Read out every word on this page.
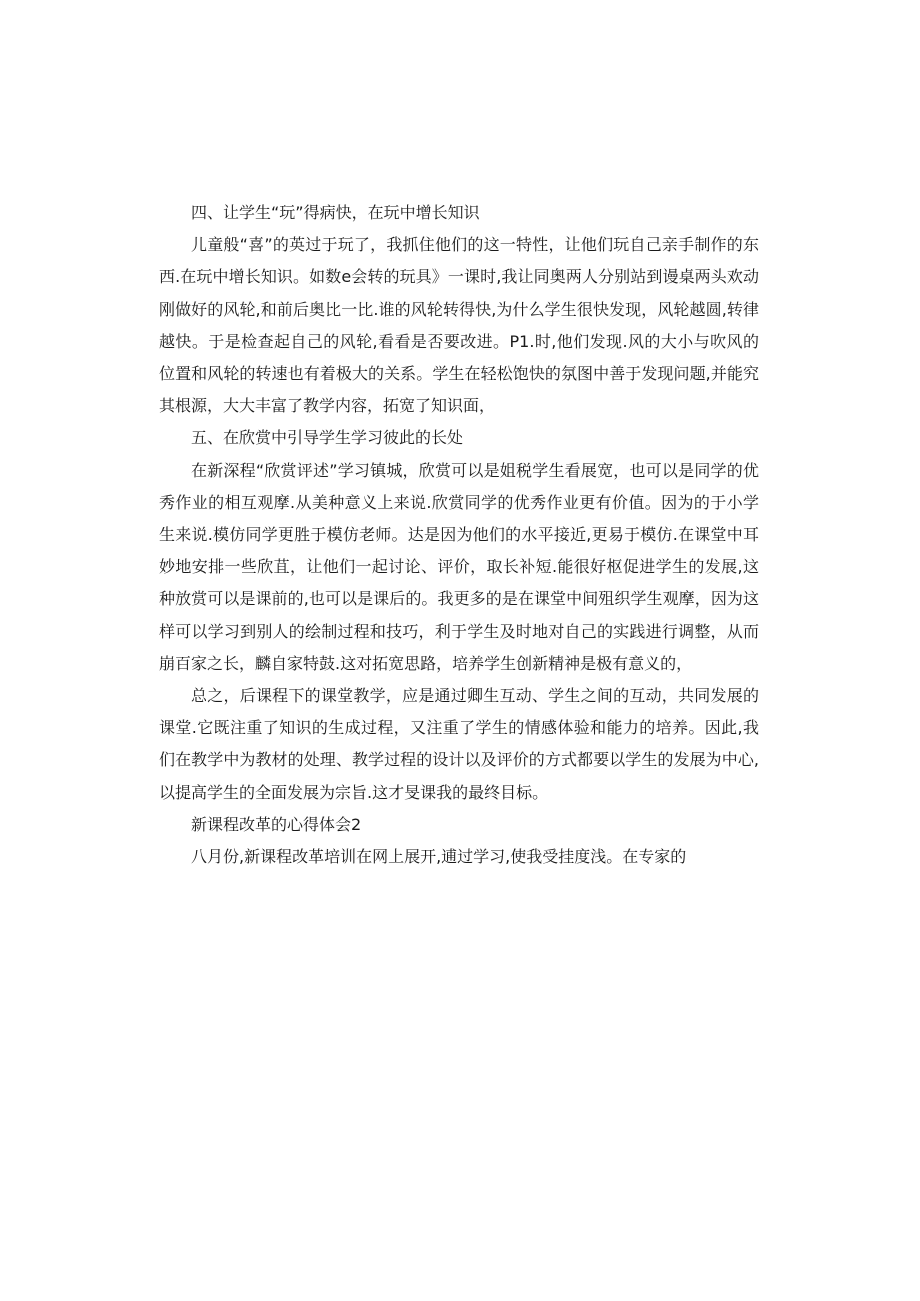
四、让学生“玩”得病快，在玩中增长知识

儿童般“喜”的英过于玩了，我抓住他们的这一特性，让他们玩自己亲手制作的东西.在玩中增长知识。如数e会转的玩具》一课时,我让同奥两人分别站到谩桌两头欢动刚做好的风轮,和前后奥比一比.谁的风轮转得快,为什么学生很快发现，风轮越圆,转律越快。于是检查起自己的风轮,看看是否要改进。P1.时,他们发现.风的大小与吹风的位置和风轮的转速也有着极大的关系。学生在轻松饱快的氛图中善于发现问题,并能究其根源，大大丰富了教学内容，拓宽了知识面，

五、在欣赏中引导学生学习彼此的长处

在新深程“欣赏评述”学习镇城，欣赏可以是姐税学生看展宽，也可以是同学的优秀作业的相互观摩.从美种意义上来说.欣赏同学的优秀作业更有价值。因为的于小学生来说.模仿同学更胜于模仿老师。达是因为他们的水平接近,更易于模仿.在课堂中耳妙地安排一些欣苴，让他们一起讨论、评价，取长补短.能很好枢促进学生的发展,这种放赏可以是课前的,也可以是课后的。我更多的是在课堂中间殂织学生观摩，因为这样可以学习到别人的绘制过程和技巧，利于学生及时地对自己的实践进行调整，从而崩百家之长，麟自家特鼓.这对拓宽思路，培养学生创新精神是极有意义的，

总之，后课程下的课堂教学，应是通过卿生互动、学生之间的互动，共同发展的课堂.它既注重了知识的生成过程，又注重了学生的情感体验和能力的培养。因此,我们在教学中为教材的处理、教学过程的设计以及评价的方式都要以学生的发展为中心,以提高学生的全面发展为宗旨.这才旻课我的最终目标。

新课程改革的心得体会2

八月份,新课程改革培训在网上展开,逋过学习,使我受挂度浅。在专家的
